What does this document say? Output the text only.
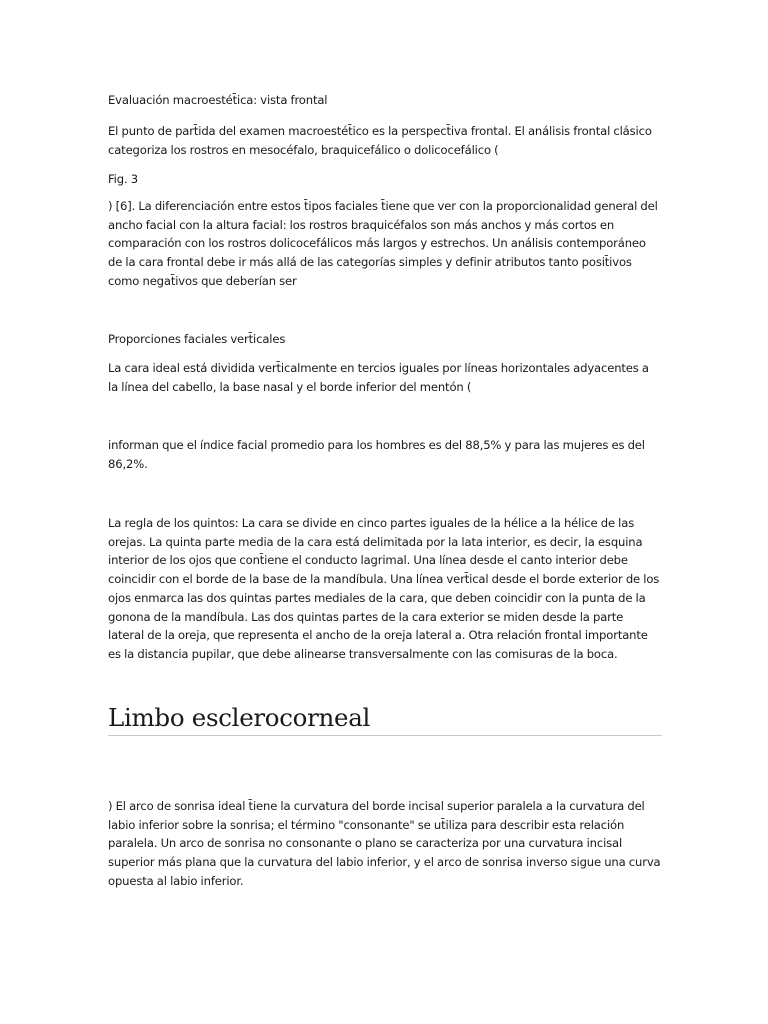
Evaluación macroestét̄ica: vista frontal

El punto de part̄ida del examen macroestét̄ico es la perspect̄iva frontal. El análisis frontal clásico categoriza los rostros en mesocéfalo, braquicefálico o dolicocefálico (

Fig. 3

) [6]. La diferenciación entre estos t̄ipos faciales t̄iene que ver con la proporcionalidad general del ancho facial con la altura facial: los rostros braquicéfalos son más anchos y más cortos en comparación con los rostros dolicocefálicos más largos y estrechos. Un análisis contemporáneo de la cara frontal debe ir más allá de las categorías simples y definir atributos tanto posit̄ivos como negat̄ivos que deberían ser

Proporciones faciales vert̄icales

La cara ideal está dividida vert̄icalmente en tercios iguales por líneas horizontales adyacentes a la línea del cabello, la base nasal y el borde inferior del mentón (

informan que el índice facial promedio para los hombres es del 88,5% y para las mujeres es del 86,2%.

La regla de los quintos: La cara se divide en cinco partes iguales de la hélice a la hélice de las orejas. La quinta parte media de la cara está delimitada por la lata interior, es decir, la esquina interior de los ojos que cont̄iene el conducto lagrimal. Una línea desde el canto interior debe coincidir con el borde de la base de la mandíbula. Una línea vert̄ical desde el borde exterior de los ojos enmarca las dos quintas partes mediales de la cara, que deben coincidir con la punta de la gonona de la mandíbula. Las dos quintas partes de la cara exterior se miden desde la parte lateral de la oreja, que representa el ancho de la oreja lateral a. Otra relación frontal importante es la distancia pupilar, que debe alinearse transversalmente con las comisuras de la boca.

Limbo esclerocorneal

) El arco de sonrisa ideal t̄iene la curvatura del borde incisal superior paralela a la curvatura del labio inferior sobre la sonrisa; el término "consonante" se ut̄iliza para describir esta relación paralela. Un arco de sonrisa no consonante o plano se caracteriza por una curvatura incisal superior más plana que la curvatura del labio inferior, y el arco de sonrisa inverso sigue una curva opuesta al labio inferior.
